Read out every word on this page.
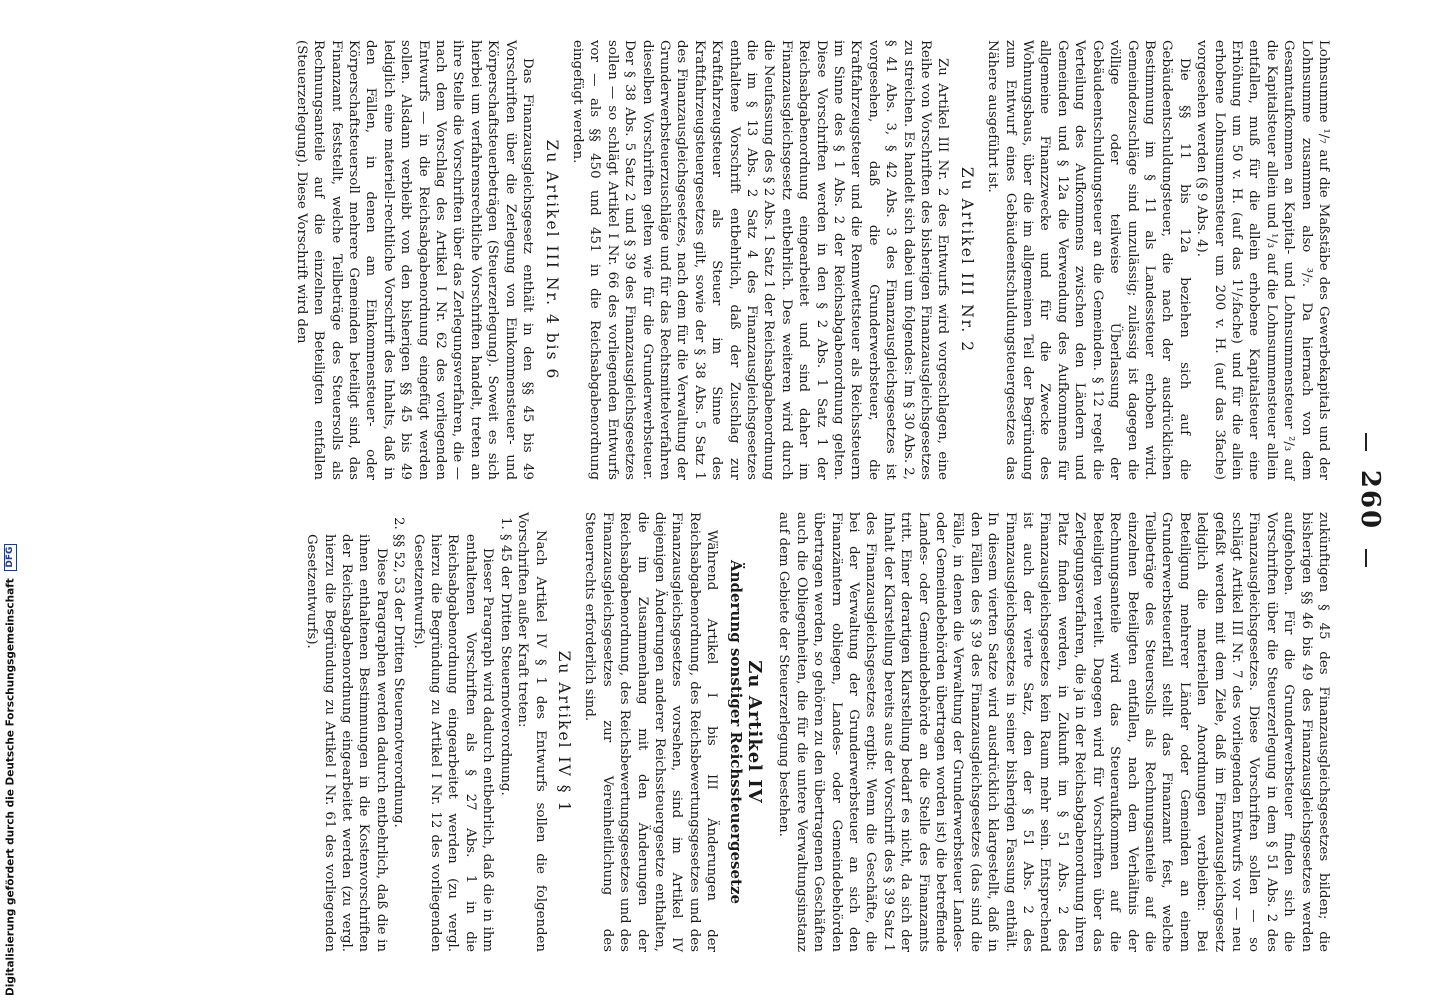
Digitalisierung gefördert durch die Deutsche Forschungsgemeinschaft DFG
260

Lohnsumme ¹/₇ auf die Maßstäbe des Gewerbekapitals und der Lohnsumme zusammen also ³/₇. Da hiernach von dem Gesamtaufkommen an Kapital- und Lohnsummensteuer ²/₃ auf die Kapitalsteuer allein und ¹/₃ auf die Lohnsummensteuer allein entfallen, muß für die allein erhobene Kapitalsteuer eine Erhöhung um 50 v. H. (auf das 1¹/₂fache) und für die allein erhobene Lohnsummensteuer um 200 v. H. (auf das 3fache) vorgesehen werden (§ 9 Abs. 4).

Die §§ 11 bis 12a beziehen sich auf die Gebäudeentschuldungsteuer, die nach der ausdrücklichen Bestimmung im § 11 als Landessteuer erhoben wird. Gemeindezuschläge sind unzulässig; zulässig ist dagegen die völlige oder teilweise Überlassung der Gebäudeentschuldungsteuer an die Gemeinden. § 12 regelt die Verteilung des Aufkommens zwischen den Ländern und Gemeinden und § 12a die Verwendung des Aufkommens für allgemeine Finanzzwecke und für die Zwecke des Wohnungsbaus, über die im allgemeinen Teil der Begründung zum Entwurf eines Gebäudeentschuldungsteuergesetzes das Nähere ausgeführt ist.

Zu Artikel III Nr. 2

Zu Artikel III Nr. 2 des Entwurfs wird vorgeschlagen, eine Reihe von Vorschriften des bisherigen Finanzausgleichsgesetzes zu streichen. Es handelt sich dabei um folgendes: Im § 30 Abs. 2, § 41 Abs. 3, § 42 Abs. 3 des Finanzausgleichsgesetzes ist vorgesehen, daß die Grunderwerbsteuer, die Kraftfahrzeugsteuer und die Rennwettsteuer als Reichssteuern im Sinne des § 1 Abs. 2 der Reichsabgabenordnung gelten. Diese Vorschriften werden in den § 2 Abs. 1 Satz 1 der Reichsabgabenordnung eingearbeitet und sind daher im Finanzausgleichsgesetz entbehrlich. Des weiteren wird durch die Neufassung des § 2 Abs. 1 Satz 1 der Reichsabgabenordnung die im § 13 Abs. 2 Satz 4 des Finanzausgleichsgesetzes enthaltene Vorschrift entbehrlich, daß der Zuschlag zur Kraftfahrzeugsteuer als Steuer im Sinne des Kraftfahrzeugsteuergesetzes gilt, sowie der § 38 Abs. 5 Satz 1 des Finanzausgleichsgesetzes, nach dem für die Verwaltung der Grunderwerbsteuerzuschläge und für das Rechtsmittelverfahren dieselben Vorschriften gelten wie für die Grunderwerbsteuer. Der § 38 Abs. 5 Satz 2 und § 39 des Finanzausgleichsgesetzes sollen — so schlägt Artikel I Nr. 66 des vorliegenden Entwurfs vor — als §§ 450 und 451 in die Reichsabgabenordnung eingefügt werden.

Zu Artikel III Nr. 4 bis 6

Das Finanzausgleichsgesetz enthält in den §§ 45 bis 49 Vorschriften über die Zerlegung von Einkommensteuer- und Körperschaftsteuerbeträgen (Steuerzerlegung). Soweit es sich hierbei um verfahrensrechtliche Vorschriften handelt, treten an ihre Stelle die Vorschriften über das Zerlegungsverfahren, die — nach dem Vorschlag des Artikel I Nr. 62 des vorliegenden Entwurfs — in die Reichsabgabenordnung eingefügt werden sollen. Alsdann verbleibt von den bisherigen §§ 45 bis 49 lediglich eine materiell-rechtliche Vorschrift des Inhalts, daß in den Fällen, in denen am Einkommensteuer- oder Körperschaftsteuersoll mehrere Gemeinden beteiligt sind, das Finanzamt feststellt, welche Teilbeträge des Steuersolls als Rechnungsanteile auf die einzelnen Beteiligten entfallen (Steuerzerlegung). Diese Vorschrift wird den

zukünftigen § 45 des Finanzausgleichsgesetzes bilden; die bisherigen §§ 46 bis 49 des Finanzausgleichsgesetzes werden aufgehoben. Für die Grunderwerbsteuer finden sich die Vorschriften über die Steuerzerlegung in dem § 51 Abs. 2 des Finanzausgleichsgesetzes. Diese Vorschriften sollen — so schlägt Artikel III Nr. 7 des vorliegenden Entwurfs vor — neu gefaßt werden mit dem Ziele, daß im Finanzausgleichsgesetz lediglich die materiellen Anordnungen verbleiben: Bei Beteiligung mehrerer Länder oder Gemeinden an einem Grunderwerbsteuerfall stellt das Finanzamt fest, welche Teilbeträge des Steuersolls als Rechnungsanteile auf die einzelnen Beteiligten entfallen, nach dem Verhältnis der Rechnungsanteile wird das Steueraufkommen auf die Beteiligten verteilt. Dagegen wird für Vorschriften über das Zerlegungsverfahren, die ja in der Reichsabgabenordnung ihren Platz finden werden, in Zukunft im § 51 Abs. 2 des Finanzausgleichsgesetzes kein Raum mehr sein. Entsprechend ist auch der vierte Satz, den der § 51 Abs. 2 des Finanzausgleichsgesetzes in seiner bisherigen Fassung enthält. In diesem vierten Satze wird ausdrücklich klargestellt, daß in den Fällen des § 39 des Finanzausgleichsgesetzes (das sind die Fälle, in denen die Verwaltung der Grunderwerbsteuer Landes- oder Gemeindebehörden übertragen worden ist) die betreffende Landes- oder Gemeindebehörde an die Stelle des Finanzamts tritt. Einer derartigen Klarstellung bedarf es nicht, da sich der Inhalt der Klarstellung bereits aus der Vorschrift des § 39 Satz 1 des Finanzausgleichsgesetzes ergibt: Wenn die Geschäfte, die bei der Verwaltung der Grunderwerbsteuer an sich den Finanzämtern obliegen, Landes- oder Gemeindebehörden übertragen werden, so gehören zu den übertragenen Geschäften auch die Obliegenheiten, die für die untere Verwaltungsinstanz auf dem Gebiete der Steuerzerlegung bestehen.

Zu Artikel IV
Änderung sonstiger Reichssteuergesetze

Während Artikel I bis III Änderungen der Reichsabgabenordnung, des Reichsbewertungsgesetzes und des Finanzausgleichsgesetzes vorsehen, sind im Artikel IV diejenigen Änderungen anderer Reichssteuergesetze enthalten, die im Zusammenhang mit den Änderungen der Reichsabgabenordnung, des Reichsbewertungsgesetzes und des Finanzausgleichsgesetzes zur Vereinheitlichung des Steuerrechts erforderlich sind.

Zu Artikel IV § 1

Nach Artikel IV § 1 des Entwurfs sollen die folgenden Vorschriften außer Kraft treten:

1. § 45 der Dritten Steuernotverordnung.

Dieser Paragraph wird dadurch entbehrlich, daß die in ihm enthaltenen Vorschriften als § 27 Abs. 1 in die Reichsabgabenordnung eingearbeitet werden (zu vergl. hierzu die Begründung zu Artikel I Nr. 12 des vorliegenden Gesetzentwurfs).

2. §§ 52, 53 der Dritten Steuernotverordnung.

Diese Paragraphen werden dadurch entbehrlich, daß die in ihnen enthaltenen Bestimmungen in die Kostenvorschriften der Reichsabgabenordnung eingearbeitet werden (zu vergl. hierzu die Begründung zu Artikel I Nr. 61 des vorliegenden Gesetzentwurfs).
